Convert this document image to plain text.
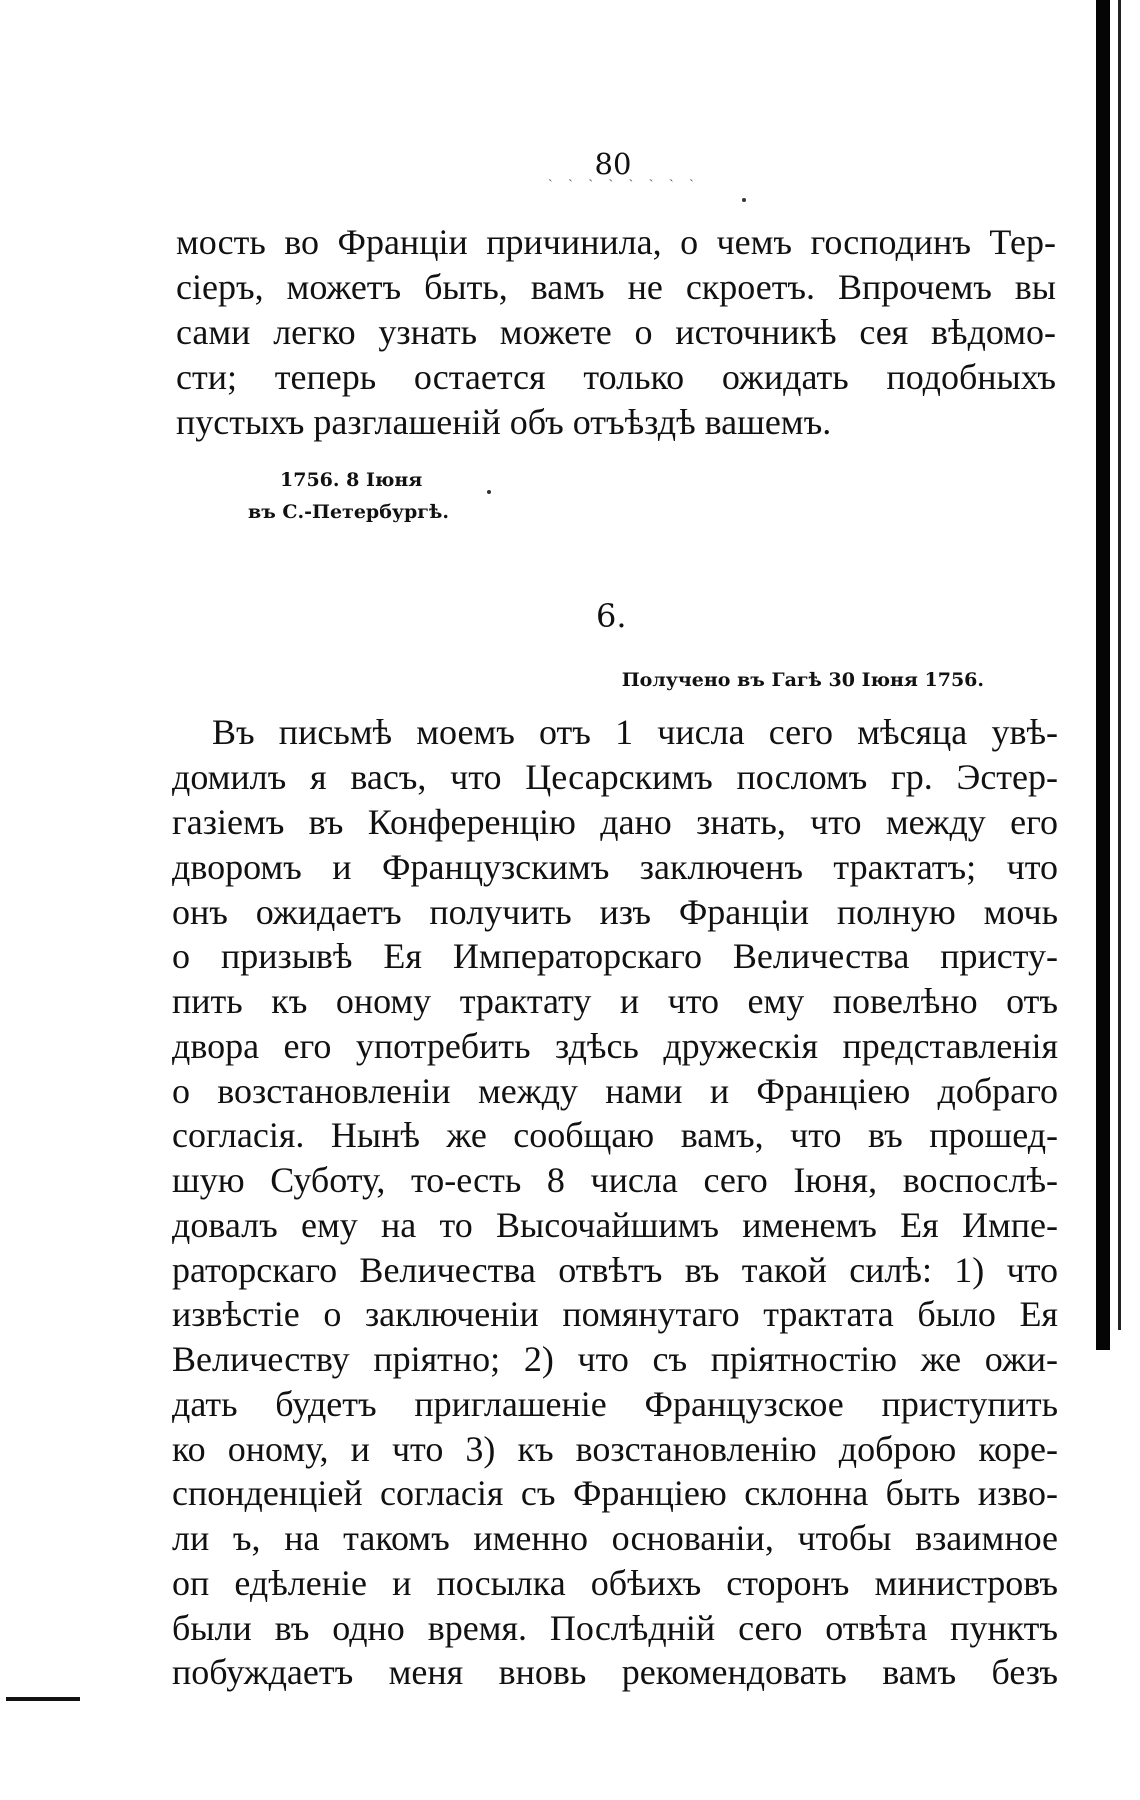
80
` ` ` ` ` ` ` `
мость во Франціи причинила, о чемъ господинъ Тер-
сіеръ, можетъ быть, вамъ не скроетъ. Впрочемъ вы
сами легко узнать можете о источникѣ сея вѣдомо-
сти; теперь остается только ожидать подобныхъ
пустыхъ разглашеній объ отъѣздѣ вашемъ.
1756. 8 Іюня
въ С.-Петербургѣ.
6.
Получено въ Гагѣ 30 Іюня 1756.
Въ письмѣ моемъ отъ 1 числа сего мѣсяца увѣ-
домилъ я васъ, что Цесарскимъ посломъ гр. Эстер-
газіемъ въ Конференцію дано знать, что между его
дворомъ и Французскимъ заключенъ трактатъ; что
онъ ожидаетъ получить изъ Франціи полную мочь
о призывѣ Ея Императорскаго Величества присту-
пить къ оному трактату и что ему повелѣно отъ
двора его употребить здѣсь дружескія представленія
о возстановленіи между нами и Франціею добраго
согласія. Нынѣ же сообщаю вамъ, что въ прошед-
шую Суботу, то-есть 8 числа сего Іюня, воспослѣ-
довалъ ему на то Высочайшимъ именемъ Ея Импе-
раторскаго Величества отвѣтъ въ такой силѣ: 1) что
извѣстіе о заключеніи помянутаго трактата было Ея
Величеству пріятно; 2) что съ пріятностію же ожи-
дать будетъ приглашеніе Французское приступить
ко оному, и что 3) къ возстановленію доброю коре-
спонденціей согласія съ Франціею склонна быть изво-
ли ъ, на такомъ именно основаніи, чтобы взаимное
оп едѣленіе и посылка обѣихъ сторонъ министровъ
были въ одно время. Послѣдній сего отвѣта пунктъ
побуждаетъ меня вновь рекомендовать вамъ безъ
